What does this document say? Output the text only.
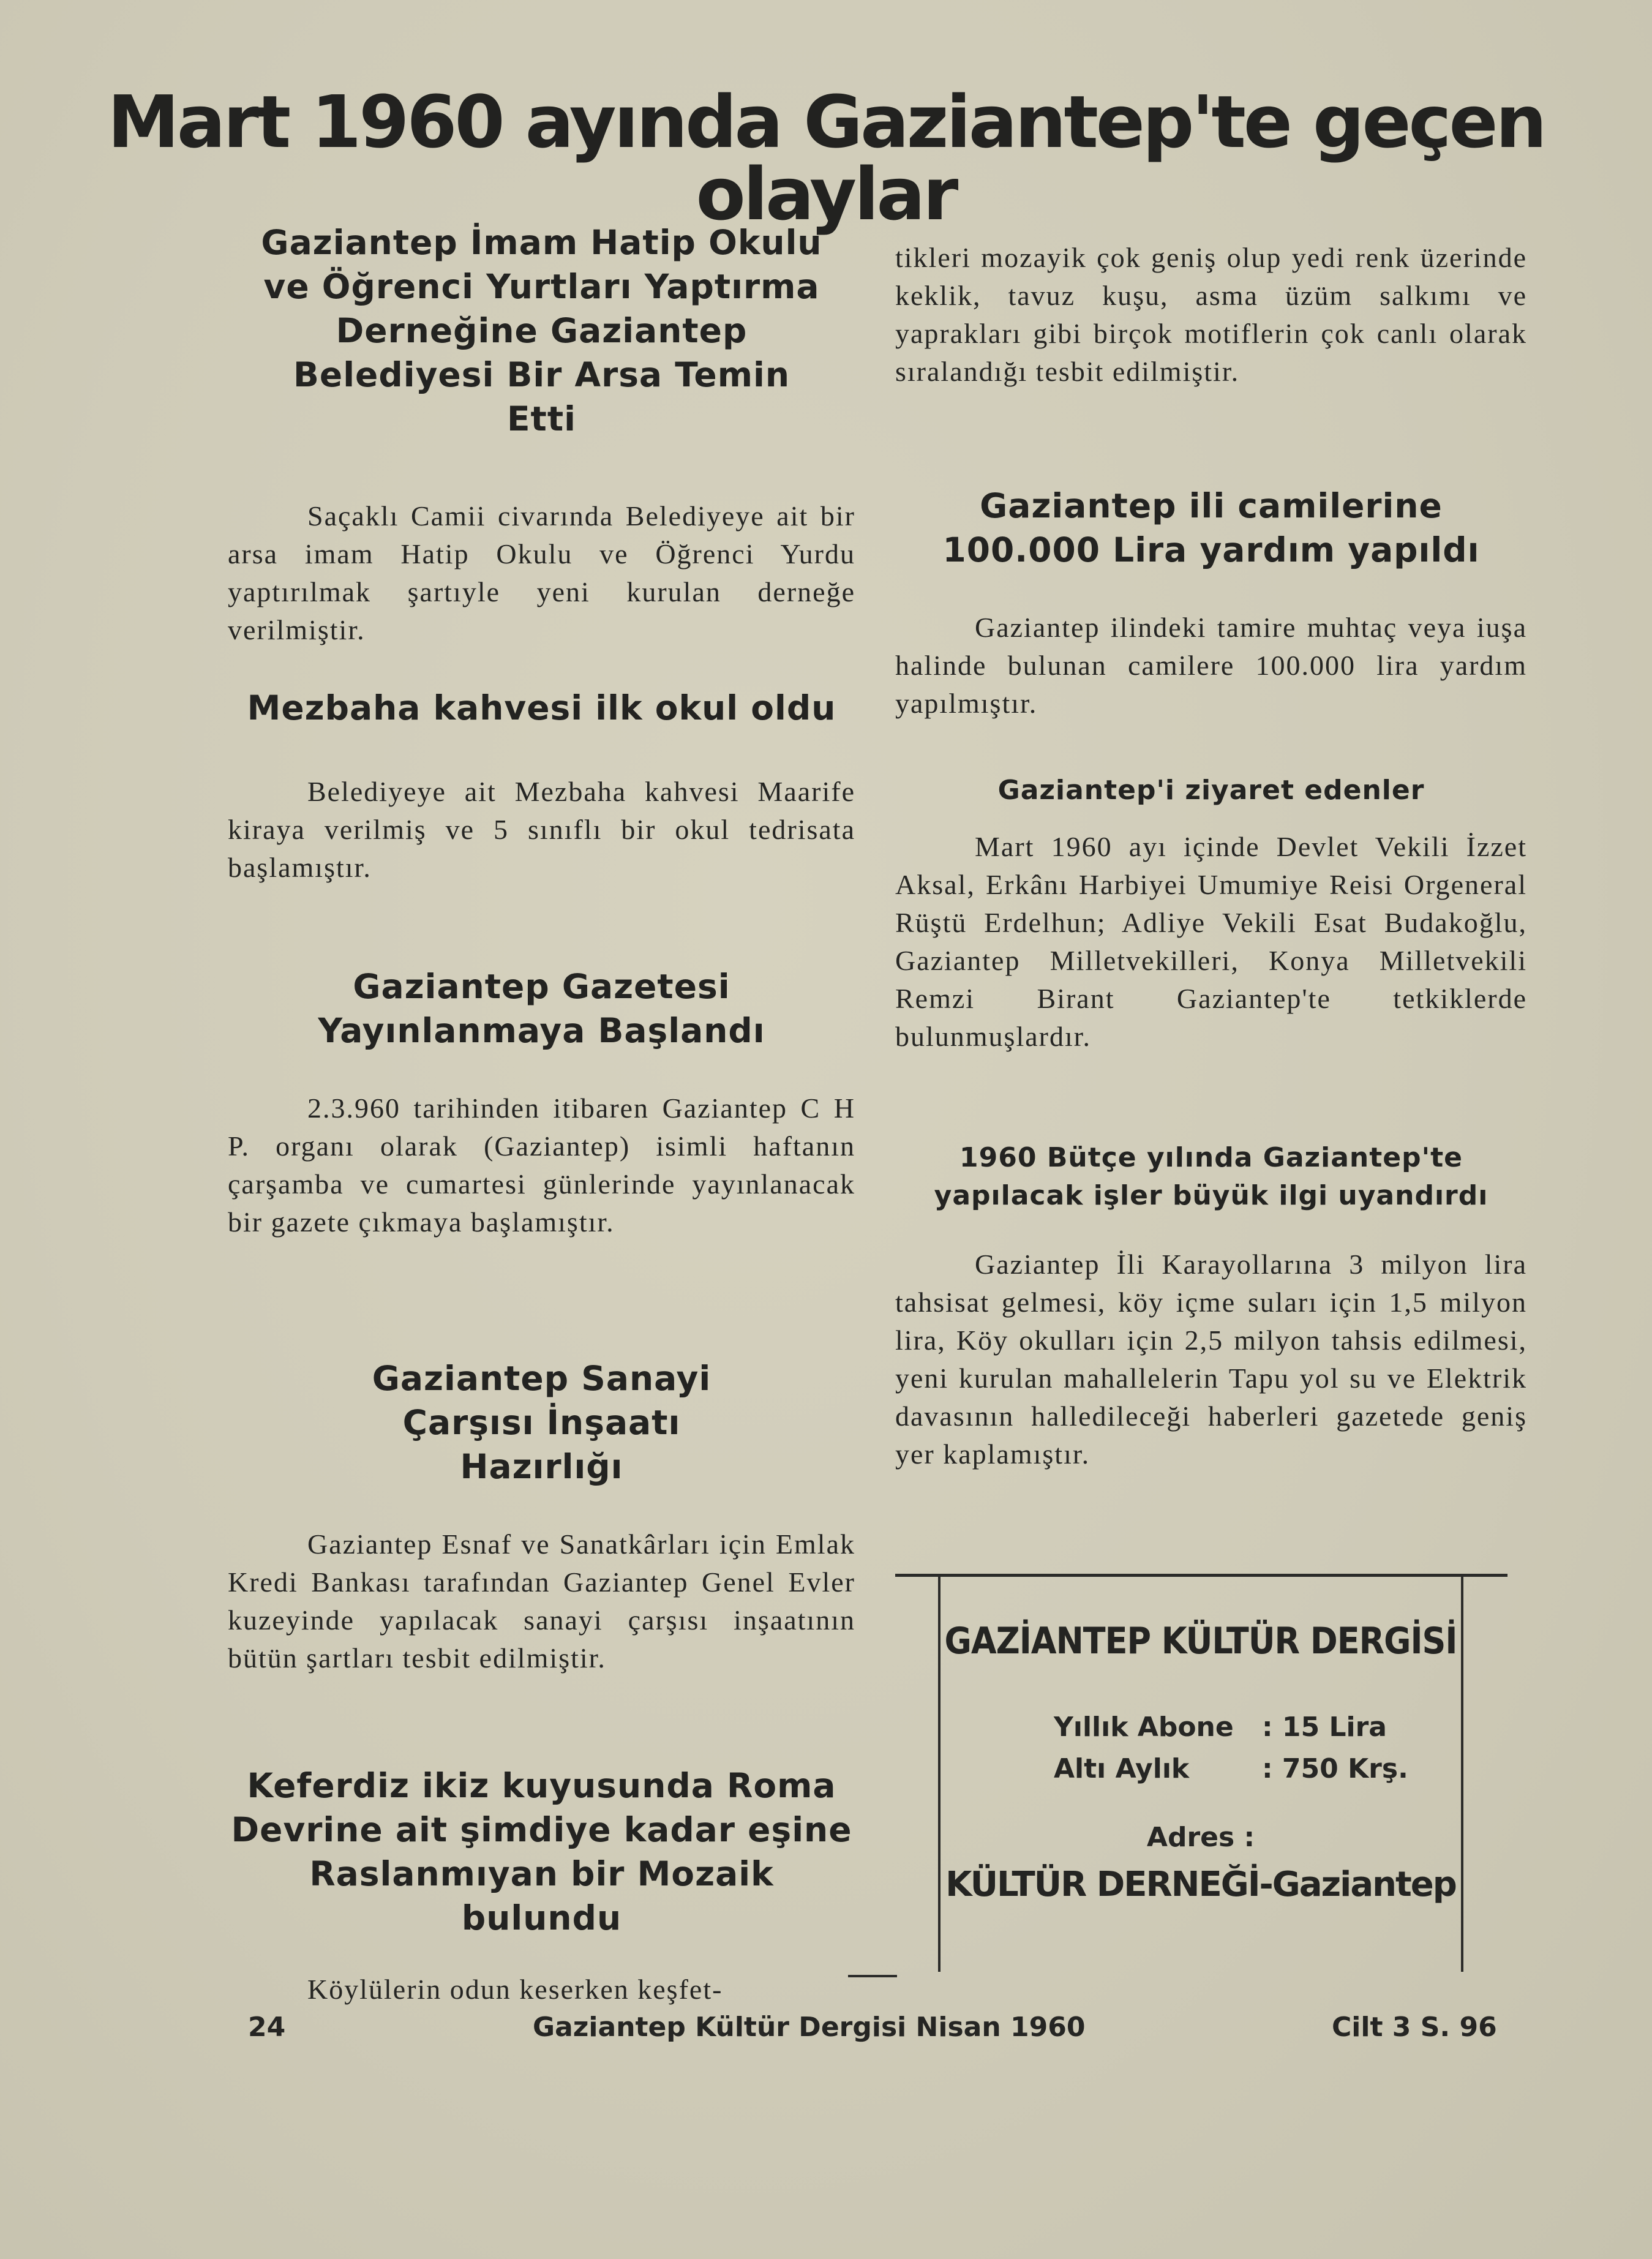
Mart 1960 ayında Gaziantep'te geçen olaylar

Gaziantep İmam Hatip Okulu ve Öğrenci Yurtları Yaptırma Derneğine Gaziantep Belediyesi Bir Arsa Temin Etti

Saçaklı Camii civarında Belediyeye ait bir arsa imam Hatip Okulu ve Öğrenci Yurdu yaptırılmak şartıyle yeni kurulan derneğe verilmiştir.

Mezbaha kahvesi ilk okul oldu

Belediyeye ait Mezbaha kahvesi Maarife kiraya verilmiş ve 5 sınıflı bir okul tedrisata başlamıştır.

Gaziantep Gazetesi Yayınlanmaya Başlandı

2.3.960 tarihinden itibaren Gaziantep C H P. organı olarak (Gaziantep) isimli haftanın çarşamba ve cumartesi günlerinde yayınlanacak bir gazete çıkmaya başlamıştır.

Gaziantep Sanayi Çarşısı İnşaatı Hazırlığı

Gaziantep Esnaf ve Sanatkârları için Emlak Kredi Bankası tarafından Gaziantep Genel Evler kuzeyinde yapılacak sanayi çarşısı inşaatının bütün şartları tesbit edilmiştir.

Keferdiz ikiz kuyusunda Roma Devrine ait şimdiye kadar eşine Raslanmıyan bir Mozaik bulundu

Köylülerin odun keserken keşfet-

tikleri mozayik çok geniş olup yedi renk üzerinde keklik, tavuz kuşu, asma üzüm salkımı ve yaprakları gibi birçok motiflerin çok canlı olarak sıralandığı tesbit edilmiştir.

Gaziantep ili camilerine 100.000 Lira yardım yapıldı

Gaziantep ilindeki tamire muhtaç veya iuşa halinde bulunan camilere 100.000 lira yardım yapılmıştır.

Gaziantep'i ziyaret edenler

Mart 1960 ayı içinde Devlet Vekili İzzet Aksal, Erkânı Harbiyei Umumiye Reisi Orgeneral Rüştü Erdelhun; Adliye Vekili Esat Budakoğlu, Gaziantep Milletvekilleri, Konya Milletvekili Remzi Birant Gaziantep'te tetkiklerde bulunmuşlardır.

1960 Bütçe yılında Gaziantep'te yapılacak işler büyük ilgi uyandırdı

Gaziantep İli Karayollarına 3 milyon lira tahsisat gelmesi, köy içme suları için 1,5 milyon lira, Köy okulları için 2,5 milyon tahsis edilmesi, yeni kurulan mahallelerin Tapu yol su ve Elektrik davasının halledileceği haberleri gazetede geniş yer kaplamıştır.

GAZİANTEP KÜLTÜR DERGİSİ
Yıllık Abone : 15 Lira
Altı Aylık	: 750 Krş.
Adres :
KÜLTÜR DERNEĞİ-Gaziantep
24	Gaziantep Kültür Dergisi Nisan 1960	Cilt 3 S. 96
